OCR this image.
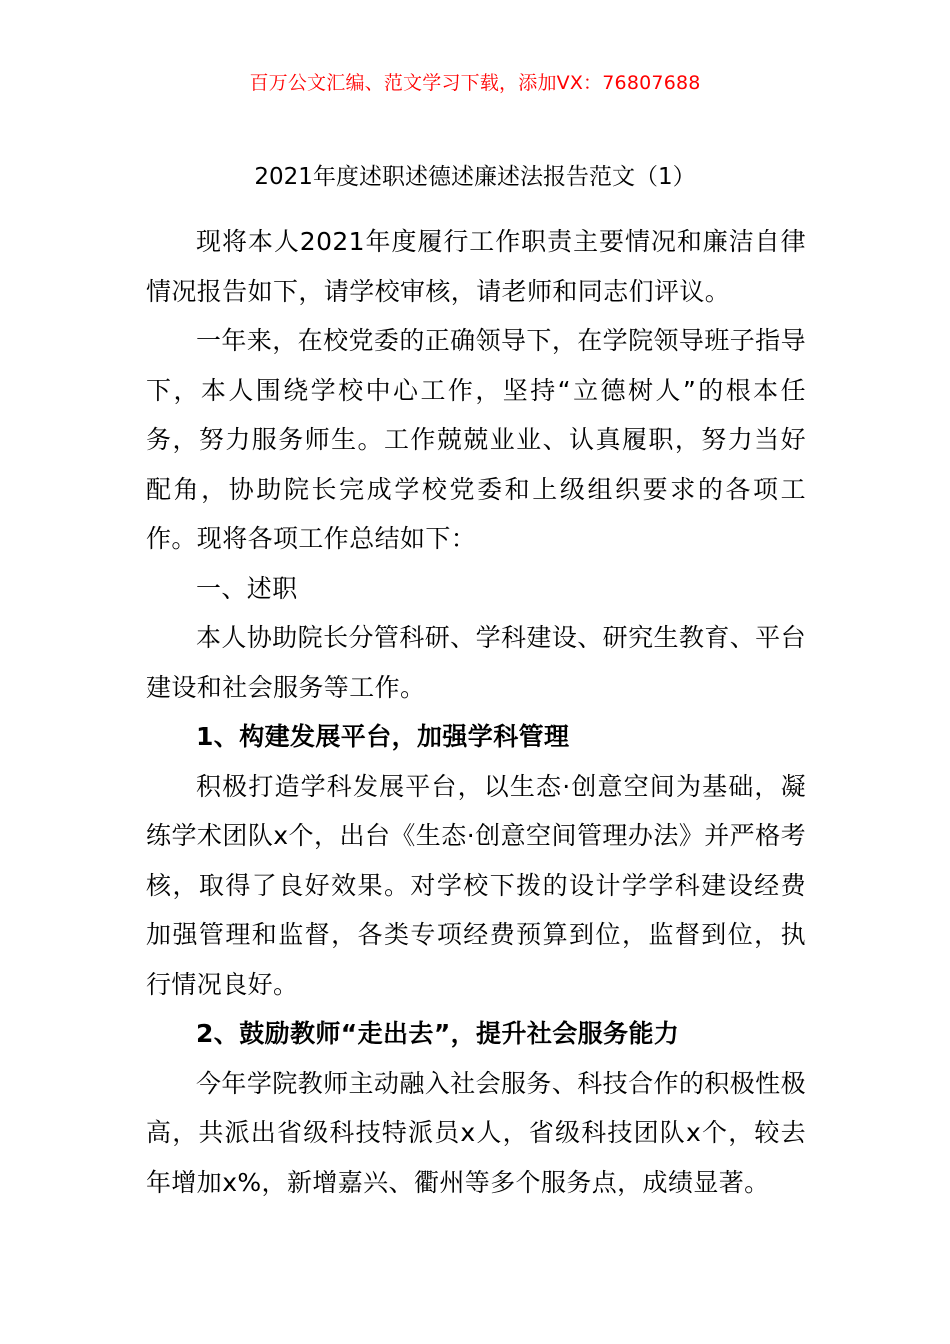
百万公文汇编、范文学习下载，添加VX：76807688
2021年度述职述德述廉述法报告范文（1）

现将本人2021年度履行工作职责主要情况和廉洁自律情况报告如下，请学校审核，请老师和同志们评议。

一年来，在校党委的正确领导下，在学院领导班子指导下，本人围绕学校中心工作，坚持“立德树人”的根本任务，努力服务师生。工作兢兢业业、认真履职，努力当好配角，协助院长完成学校党委和上级组织要求的各项工作。现将各项工作总结如下：

一、述职

本人协助院长分管科研、学科建设、研究生教育、平台建设和社会服务等工作。

1、构建发展平台，加强学科管理

积极打造学科发展平台，以生态·创意空间为基础，凝练学术团队x个，出台《生态·创意空间管理办法》并严格考核，取得了良好效果。对学校下拨的设计学学科建设经费加强管理和监督，各类专项经费预算到位，监督到位，执行情况良好。

2、鼓励教师“走出去”，提升社会服务能力

今年学院教师主动融入社会服务、科技合作的积极性极高，共派出省级科技特派员x人，省级科技团队x个，较去年增加x%，新增嘉兴、衢州等多个服务点，成绩显著。
